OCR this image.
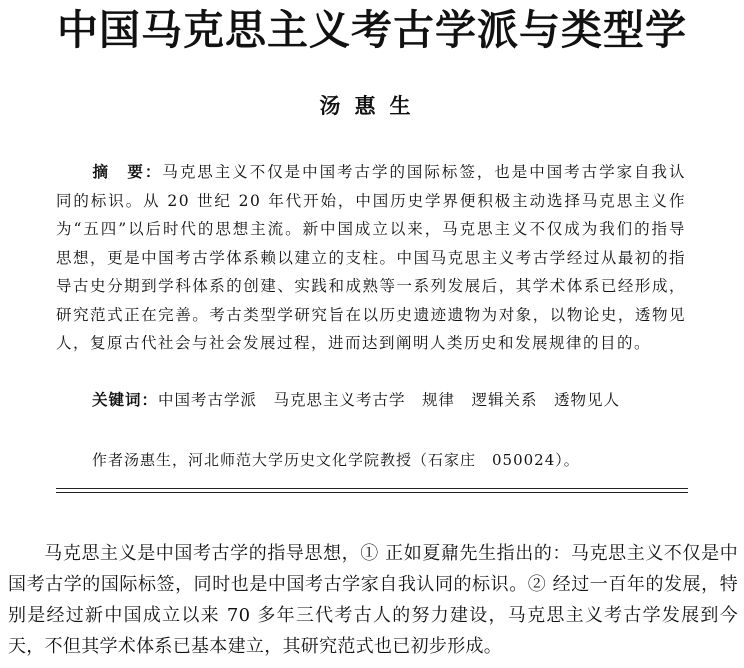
中国马克思主义考古学派与类型学
汤惠生
摘　要：马克思主义不仅是中国考古学的国际标签，也是中国考古学家自我认同的标识。从 20 世纪 20 年代开始，中国历史学界便积极主动选择马克思主义作为“五四”以后时代的思想主流。新中国成立以来，马克思主义不仅成为我们的指导思想，更是中国考古学体系赖以建立的支柱。中国马克思主义考古学经过从最初的指导古史分期到学科体系的创建、实践和成熟等一系列发展后，其学术体系已经形成，研究范式正在完善。考古类型学研究旨在以历史遗迹遗物为对象，以物论史，透物见人，复原古代社会与社会发展过程，进而达到阐明人类历史和发展规律的目的。
关键词：中国考古学派　马克思主义考古学　规律　逻辑关系　透物见人
作者汤惠生，河北师范大学历史文化学院教授（石家庄　050024）。
马克思主义是中国考古学的指导思想，① 正如夏鼐先生指出的：马克思主义不仅是中国考古学的国际标签，同时也是中国考古学家自我认同的标识。② 经过一百年的发展，特别是经过新中国成立以来 70 多年三代考古人的努力建设，马克思主义考古学发展到今天，不但其学术体系已基本建立，其研究范式也已初步形成。
